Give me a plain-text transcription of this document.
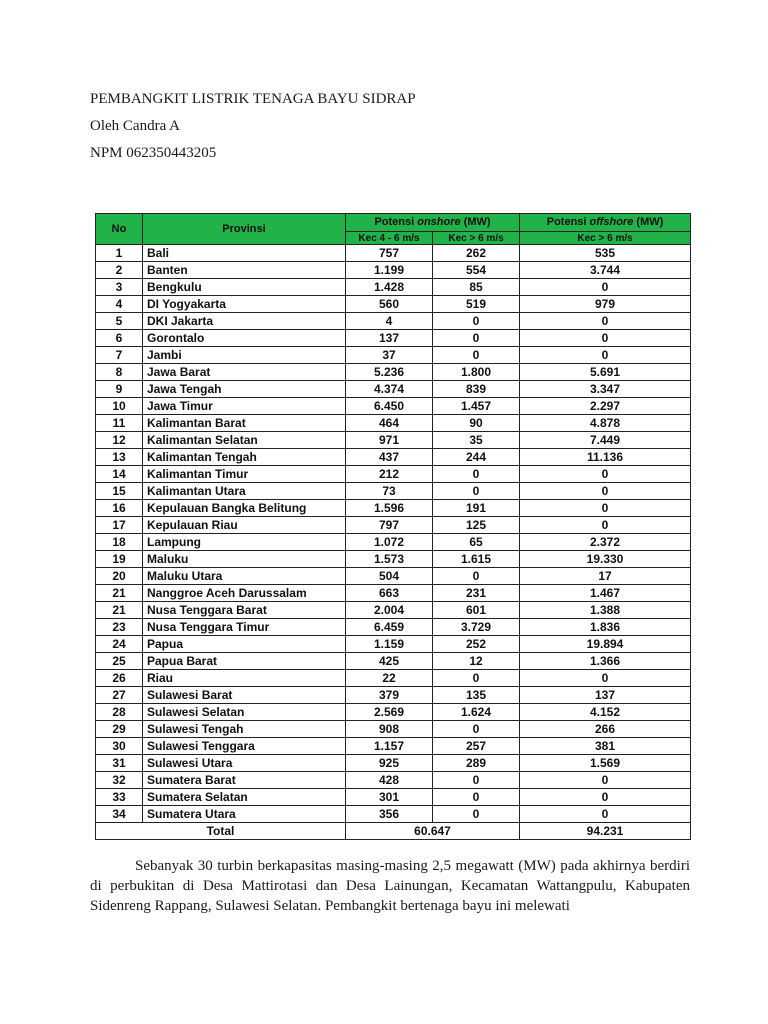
PEMBANGKIT LISTRIK TENAGA BAYU SIDRAP

Oleh Candra A

NPM 062350443205

No	Provinsi	Potensi onshore (MW)		Potensi offshore (MW)
		Kec 4 - 6 m/s	Kec > 6 m/s	Kec > 6 m/s
1	Bali	757	262	535
2	Banten	1.199	554	3.744
3	Bengkulu	1.428	85	0
4	DI Yogyakarta	560	519	979
5	DKI Jakarta	4	0	0
6	Gorontalo	137	0	0
7	Jambi	37	0	0
8	Jawa Barat	5.236	1.800	5.691
9	Jawa Tengah	4.374	839	3.347
10	Jawa Timur	6.450	1.457	2.297
11	Kalimantan Barat	464	90	4.878
12	Kalimantan Selatan	971	35	7.449
13	Kalimantan Tengah	437	244	11.136
14	Kalimantan Timur	212	0	0
15	Kalimantan Utara	73	0	0
16	Kepulauan Bangka Belitung	1.596	191	0
17	Kepulauan Riau	797	125	0
18	Lampung	1.072	65	2.372
19	Maluku	1.573	1.615	19.330
20	Maluku Utara	504	0	17
21	Nanggroe Aceh Darussalam	663	231	1.467
21	Nusa Tenggara Barat	2.004	601	1.388
23	Nusa Tenggara Timur	6.459	3.729	1.836
24	Papua	1.159	252	19.894
25	Papua Barat	425	12	1.366
26	Riau	22	0	0
27	Sulawesi Barat	379	135	137
28	Sulawesi Selatan	2.569	1.624	4.152
29	Sulawesi Tengah	908	0	266
30	Sulawesi Tenggara	1.157	257	381
31	Sulawesi Utara	925	289	1.569
32	Sumatera Barat	428	0	0
33	Sumatera Selatan	301	0	0
34	Sumatera Utara	356	0	0
Total		60.647		94.231

   Sebanyak 30 turbin berkapasitas masing-masing 2,5 megawatt (MW) pada akhirnya berdiri di perbukitan di Desa Mattirotasi dan Desa Lainungan, Kecamatan Wattangpulu, Kabupaten Sidenreng Rappang, Sulawesi Selatan. Pembangkit bertenaga bayu ini melewati
